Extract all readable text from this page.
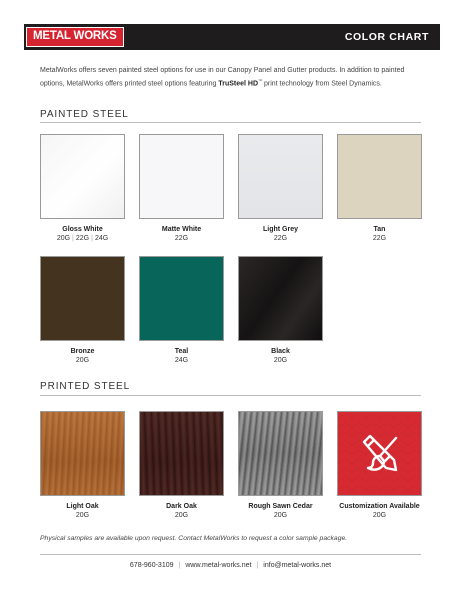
METAL WORKS	COLOR CHART

MetalWorks offers seven painted steel options for use in our Canopy Panel and Gutter products. In addition to painted options, MetalWorks offers printed steel options featuring TruSteel HD™ print technology from Steel Dynamics.

PAINTED STEEL
Gloss White
20G | 22G | 24G
Matte White
22G
Light Grey
22G
Tan
22G
Bronze
20G
Teal
24G
Black
20G
PRINTED STEEL
Light Oak
20G
Dark Oak
20G
Rough Sawn Cedar
20G
Customization Available
20G

Physical samples are available upon request. Contact MetalWorks to request a color sample package.

678-960-3109 | www.metal-works.net | info@metal-works.net
